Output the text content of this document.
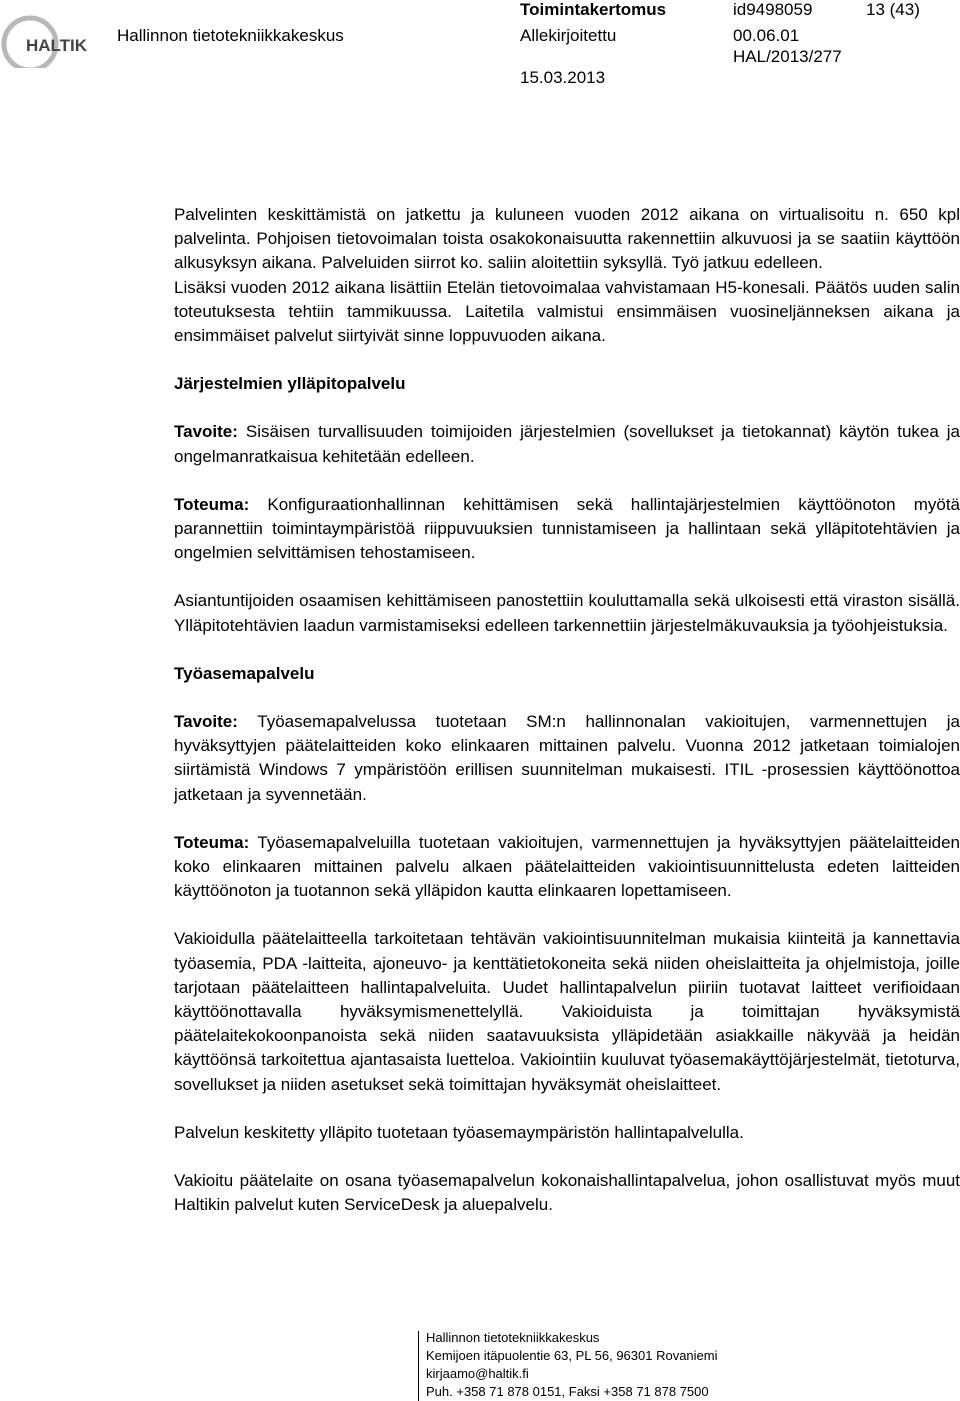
HALTIK
Hallinnon tietotekniikkakeskus
Toimintakertomus
Allekirjoitettu
15.03.2013
id9498059	13 (43)
00.06.01
HAL/2013/277

Palvelinten keskittämistä on jatkettu ja kuluneen vuoden 2012 aikana on virtualisoitu n. 650 kpl palvelinta. Pohjoisen tietovoimalan toista osakokonaisuutta rakennettiin alkuvuosi ja se saatiin käyttöön alkusyksyn aikana. Palveluiden siirrot ko. saliin aloitettiin syksyllä. Työ jatkuu edelleen.

Lisäksi vuoden 2012 aikana lisättiin Etelän tietovoimalaa vahvistamaan H5-konesali. Päätös uuden salin toteutuksesta tehtiin tammikuussa. Laitetila valmistui ensimmäisen vuosineljänneksen aikana ja ensimmäiset palvelut siirtyivät sinne loppuvuoden aikana.

Järjestelmien ylläpitopalvelu

Tavoite: Sisäisen turvallisuuden toimijoiden järjestelmien (sovellukset ja tietokannat) käytön tukea ja ongelmanratkaisua kehitetään edelleen.

Toteuma: Konfiguraationhallinnan kehittämisen sekä hallintajärjestelmien käyttöönoton myötä parannettiin toimintaympäristöä riippuvuuksien tunnistamiseen ja hallintaan sekä ylläpitotehtävien ja ongelmien selvittämisen tehostamiseen.

Asiantuntijoiden osaamisen kehittämiseen panostettiin kouluttamalla sekä ulkoisesti että viraston sisällä. Ylläpitotehtävien laadun varmistamiseksi edelleen tarkennettiin järjestelmäkuvauksia ja työohjeistuksia.

Työasemapalvelu

Tavoite: Työasemapalvelussa tuotetaan SM:n hallinnonalan vakioitujen, varmennettujen ja hyväksyttyjen päätelaitteiden koko elinkaaren mittainen palvelu. Vuonna 2012 jatketaan toimialojen siirtämistä Windows 7 ympäristöön erillisen suunnitelman mukaisesti. ITIL -prosessien käyttöönottoa jatketaan ja syvennetään.

Toteuma: Työasemapalveluilla tuotetaan vakioitujen, varmennettujen ja hyväksyttyjen päätelaitteiden koko elinkaaren mittainen palvelu alkaen päätelaitteiden vakiointisuunnittelusta edeten laitteiden käyttöönoton ja tuotannon sekä ylläpidon kautta elinkaaren lopettamiseen.

Vakioidulla päätelaitteella tarkoitetaan tehtävän vakiointisuunnitelman mukaisia kiinteitä ja kannettavia työasemia, PDA -laitteita, ajoneuvo- ja kenttätietokoneita sekä niiden oheislaitteita ja ohjelmistoja, joille tarjotaan päätelaitteen hallintapalveluita. Uudet hallintapalvelun piiriin tuotavat laitteet verifioidaan käyttöönottavalla hyväksymismenettelyllä. Vakioiduista ja toimittajan hyväksymistä päätelaitekokoonpanoista sekä niiden saatavuuksista ylläpidetään asiakkaille näkyvää ja heidän käyttöönsä tarkoitettua ajantasaista luetteloa. Vakiointiin kuuluvat työasemakäyttöjärjestelmät, tietoturva, sovellukset ja niiden asetukset sekä toimittajan hyväksymät oheislaitteet.

Palvelun keskitetty ylläpito tuotetaan työasemaympäristön hallintapalvelulla.

Vakioitu päätelaite on osana työasemapalvelun kokonaishallintapalvelua, johon osallistuvat myös muut Haltikin palvelut kuten ServiceDesk ja aluepalvelu.

Hallinnon tietotekniikkakeskus
Kemijoen itäpuolentie 63, PL 56, 96301 Rovaniemi
kirjaamo@haltik.fi
Puh. +358 71 878 0151, Faksi +358 71 878 7500
